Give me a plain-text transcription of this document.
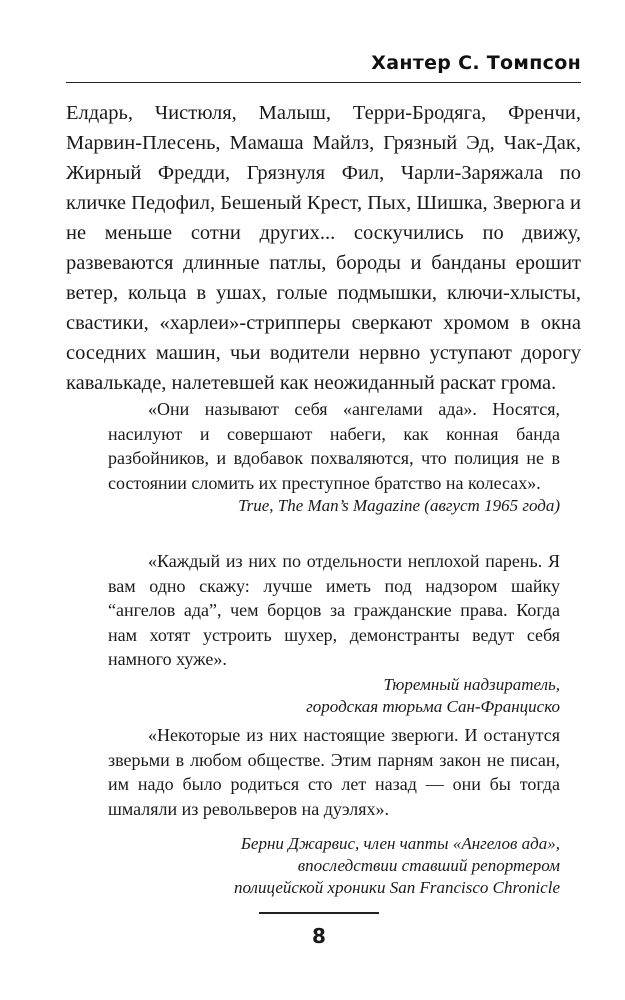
Хантер С. Томпсон

Елдарь, Чистюля, Малыш, Терри-Бродяга, Френчи, Марвин-Плесень, Мамаша Майлз, Грязный Эд, Чак-Дак, Жирный Фредди, Грязнуля Фил, Чарли-Заряжала по кличке Педофил, Бешеный Крест, Пых, Шишка, Зверюга и не меньше сотни других... соскучились по движу, развеваются длинные патлы, бороды и банданы ерошит ветер, кольца в ушах, голые подмышки, ключи-хлысты, свастики, «харлеи»-стрипперы сверкают хромом в окна соседних машин, чьи водители нервно уступают дорогу кавалькаде, налетевшей как неожиданный раскат грома.

«Они называют себя «ангелами ада». Носятся, насилуют и совершают набеги, как конная банда разбойников, и вдобавок похваляются, что полиция не в состоянии сломить их преступное братство на колесах».

True, The Man’s Magazine (август 1965 года)

«Каждый из них по отдельности неплохой парень. Я вам одно скажу: лучше иметь под надзором шайку “ангелов ада”, чем борцов за гражданские права. Когда нам хотят устроить шухер, демонстранты ведут себя намного хуже».

Тюремный надзиратель,
городская тюрьма Сан-Франциско

«Некоторые из них настоящие зверюги. И останутся зверьми в любом обществе. Этим парням закон не писан, им надо было родиться сто лет назад — они бы тогда шмаляли из револьверов на дуэлях».

Берни Джарвис, член чапты «Ангелов ада»,
впоследствии ставший репортером
полицейской хроники San Francisco Chronicle

8
